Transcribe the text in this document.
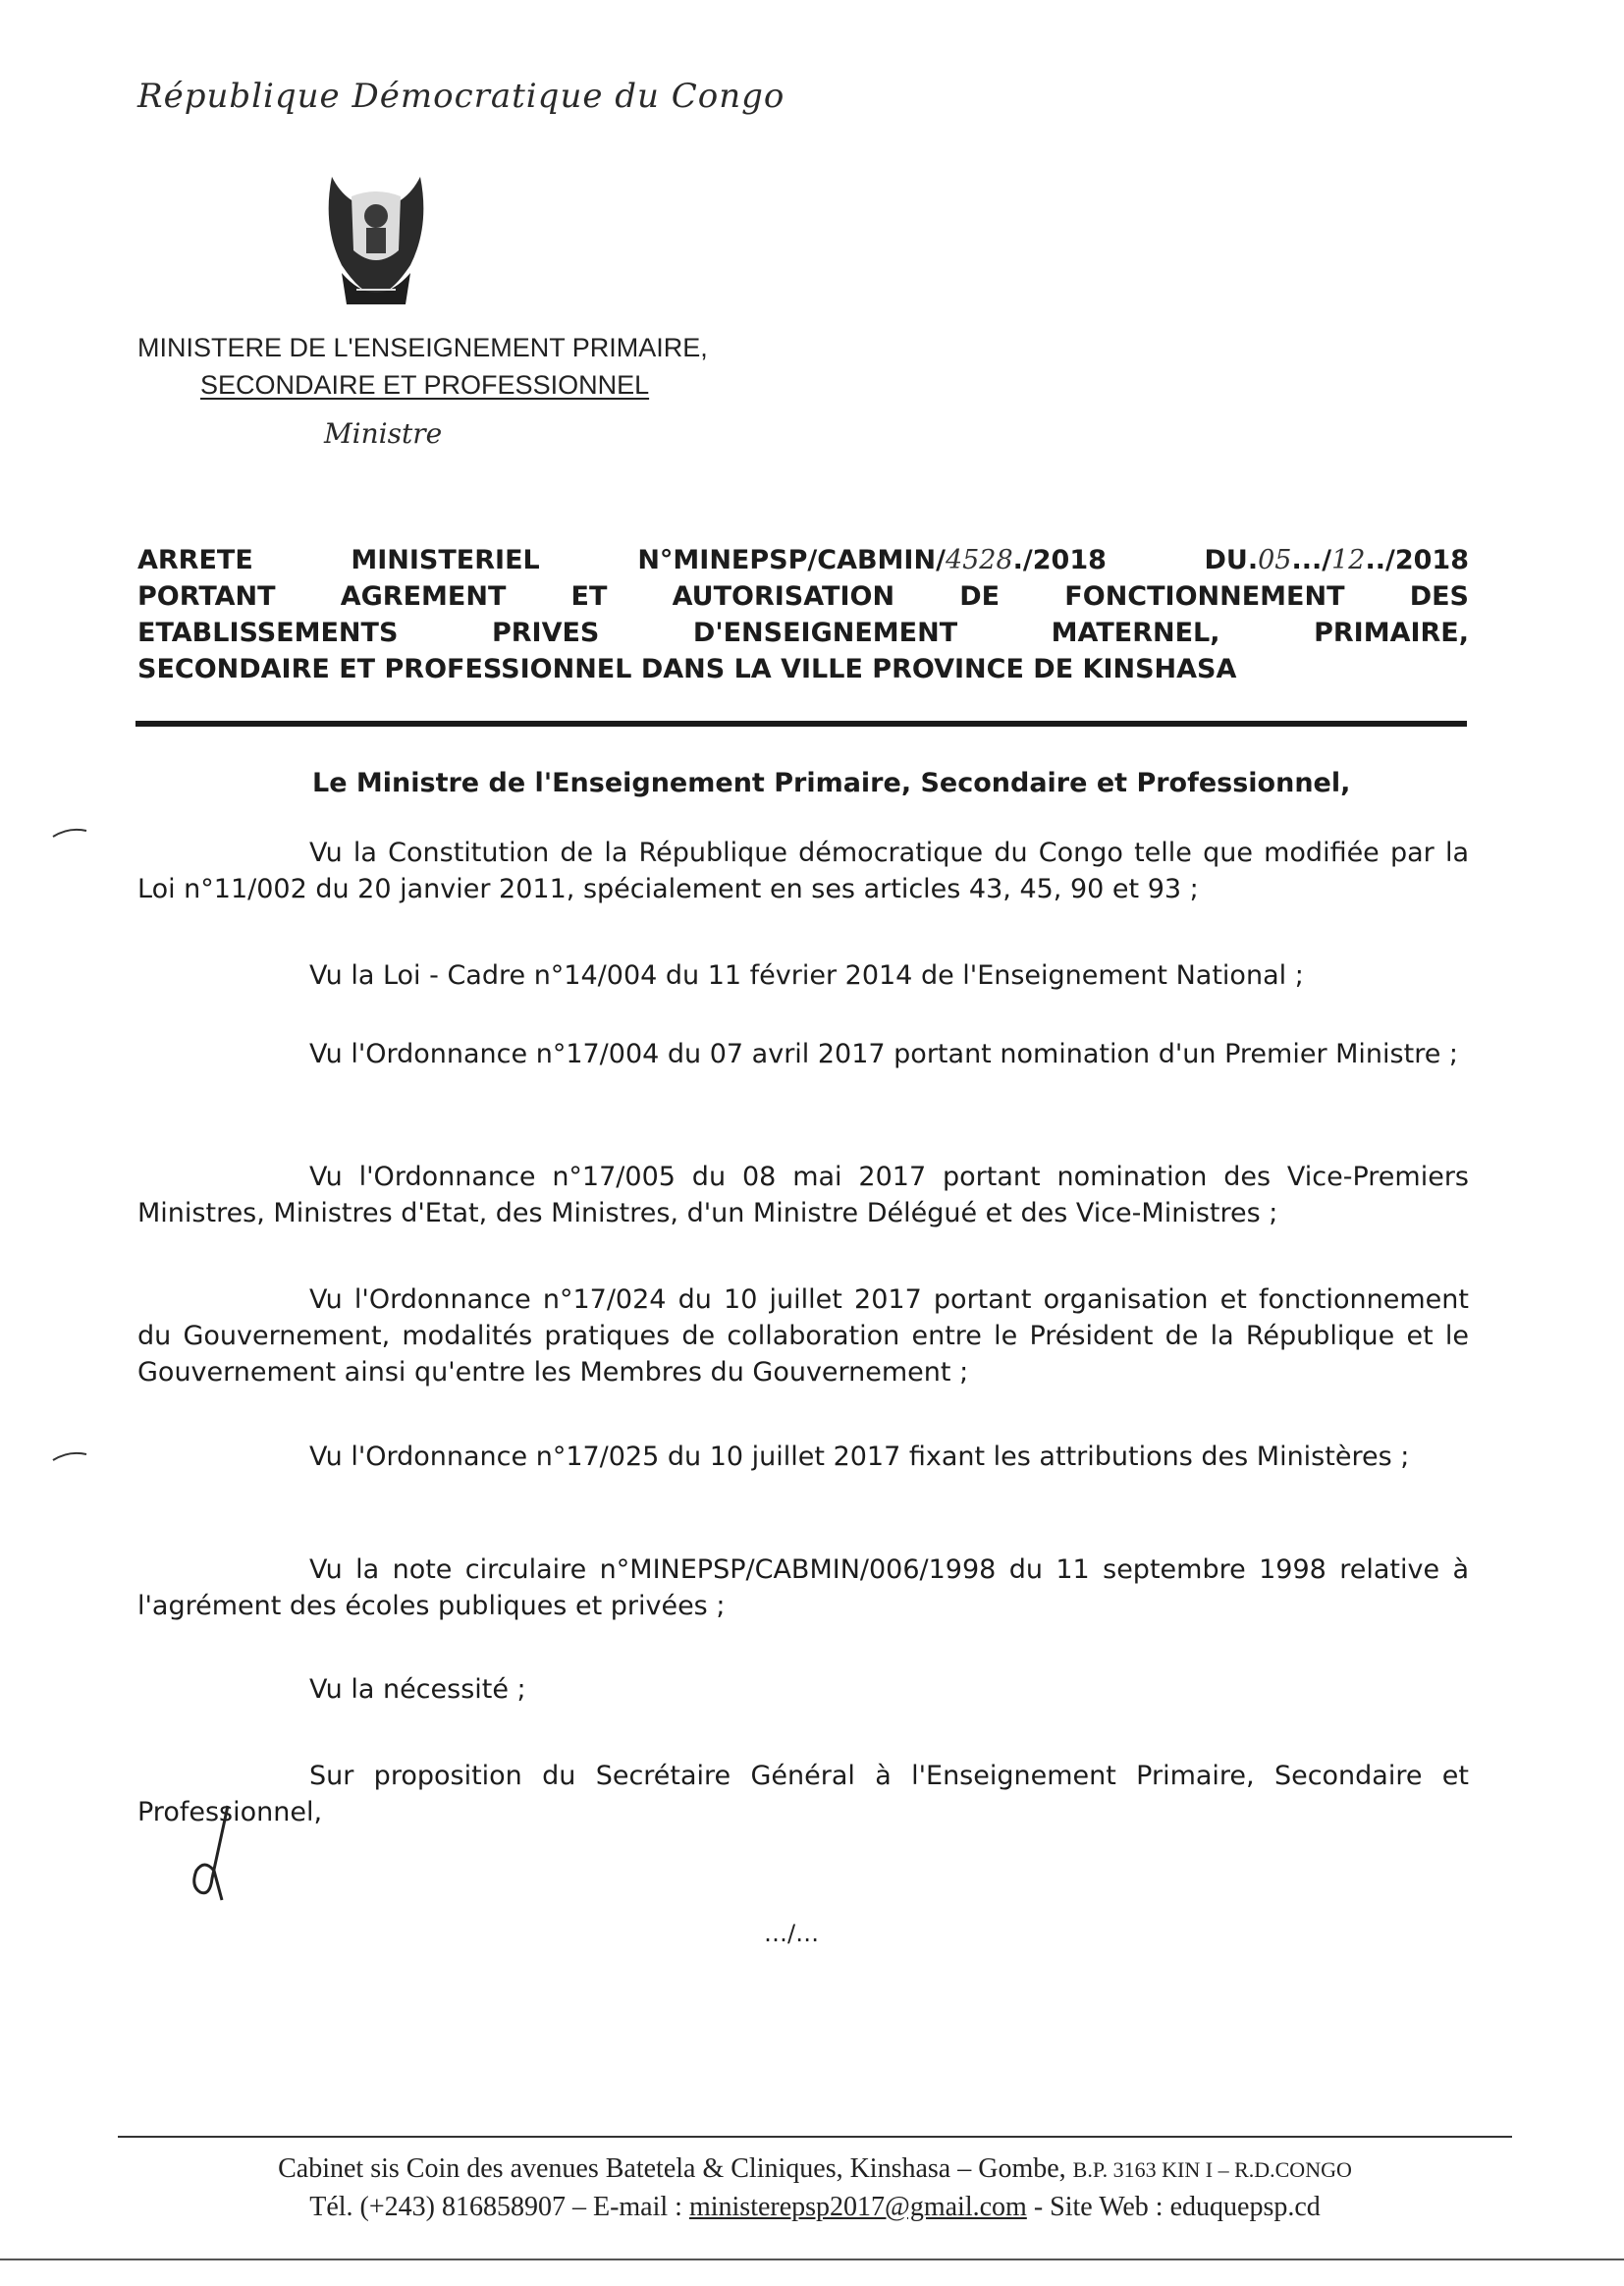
République Démocratique du Congo
MINISTERE DE L'ENSEIGNEMENT PRIMAIRE,
SECONDAIRE ET PROFESSIONNEL
Ministre
ARRETE MINISTERIEL N°MINEPSP/CABMIN/4528./2018 DU.05.../12../2018
PORTANT AGREMENT ET AUTORISATION DE FONCTIONNEMENT DES
ETABLISSEMENTS PRIVES D'ENSEIGNEMENT MATERNEL, PRIMAIRE,
SECONDAIRE ET PROFESSIONNEL DANS LA VILLE PROVINCE DE KINSHASA
Le Ministre de l'Enseignement Primaire, Secondaire et Professionnel,

Vu la Constitution de la République démocratique du Congo telle que modifiée par la Loi n°11/002 du 20 janvier 2011, spécialement en ses articles 43, 45, 90 et 93 ;

Vu la Loi - Cadre n°14/004 du 11 février 2014 de l'Enseignement National ;

Vu l'Ordonnance n°17/004 du 07 avril 2017 portant nomination d'un Premier Ministre ;

Vu l'Ordonnance n°17/005 du 08 mai 2017 portant nomination des Vice-Premiers Ministres, Ministres d'Etat, des Ministres, d'un Ministre Délégué et des Vice-Ministres ;

Vu l'Ordonnance n°17/024 du 10 juillet 2017 portant organisation et fonctionnement du Gouvernement, modalités pratiques de collaboration entre le Président de la République et le Gouvernement ainsi qu'entre les Membres du Gouvernement ;

Vu l'Ordonnance n°17/025 du 10 juillet 2017 fixant les attributions des Ministères ;

Vu la note circulaire n°MINEPSP/CABMIN/006/1998 du 11 septembre 1998 relative à l'agrément des écoles publiques et privées ;

Vu la nécessité ;

Sur proposition du Secrétaire Général à l'Enseignement Primaire, Secondaire et Professionnel,

…/…
Cabinet sis Coin des avenues Batetela & Cliniques, Kinshasa – Gombe, B.P. 3163 KIN I – R.D.CONGO
Tél. (+243) 816858907 – E-mail : ministerepsp2017@gmail.com - Site Web : eduquepsp.cd
